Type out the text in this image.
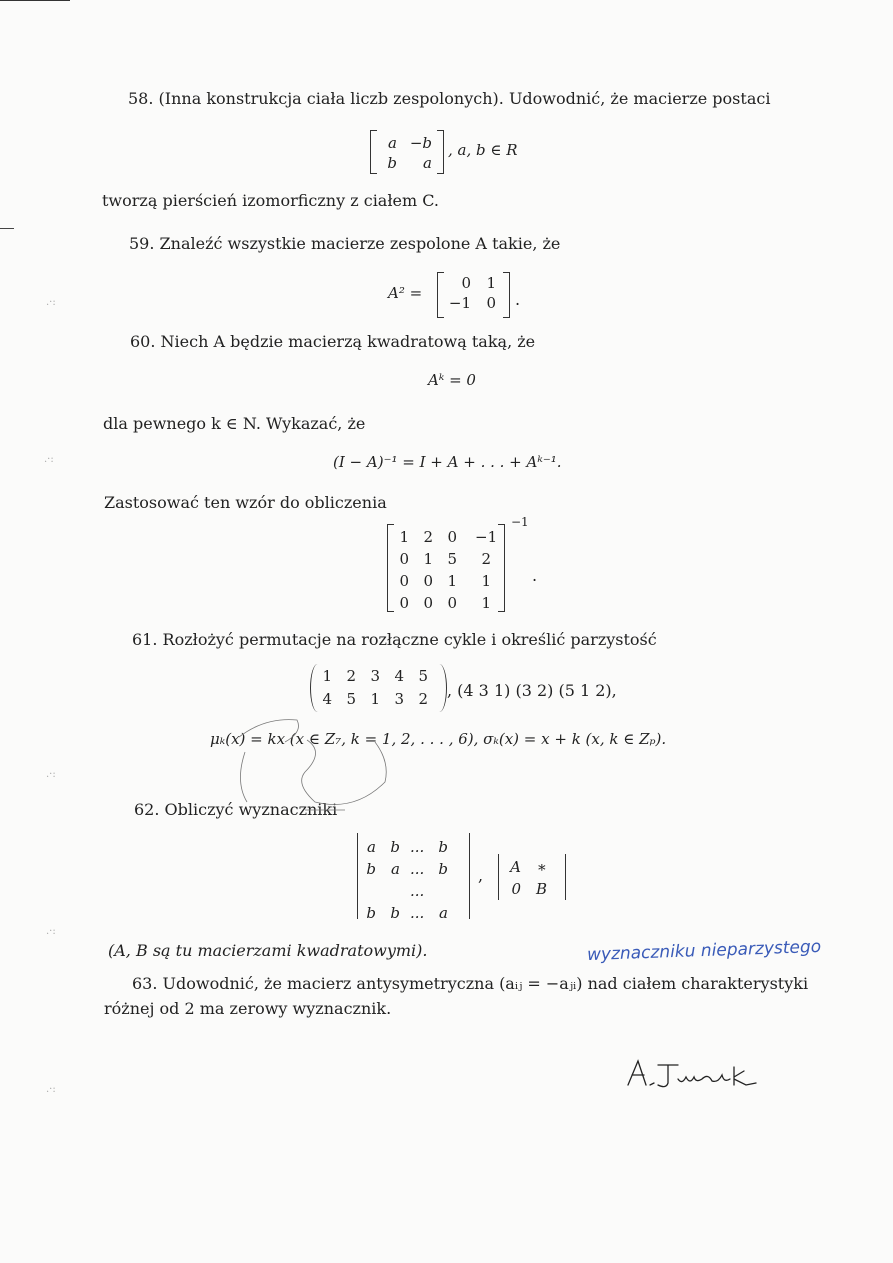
58. (Inna konstrukcja ciała liczb zespolonych). Udowodnić, że macierze postaci
a −b
b	a
, a, b ∈ R
tworzą pierścień izomorficzny z ciałem C.
59. Znaleźć wszystkie macierze zespolone A takie, że
A² =
0	1
−1	0 .
60. Niech A będzie macierzą kwadratową taką, że
Aᵏ = 0
dla pewnego k ∈ N. Wykazać, że
(I − A)⁻¹ = I + A + . . . + Aᵏ⁻¹.
Zastosować ten wzór do obliczenia
1 2 0 −1
0 1 5	2
0 0 1	1
0 0 0	1
−1
.
61. Rozłożyć permutacje na rozłączne cykle i określić parzystość
1 2 3 4 5
4 5 1 3 2 , (4 3 1) (3 2) (5 1 2),
μₖ(x) = kx (x ∈ Z₇, k = 1, 2, . . . , 6), σₖ(x) = x + k (x, k ∈ Zₚ).
62. Obliczyć wyznaczniki
a b ... b
b	a ... b
...
b b ... a
,	A	∗
0 B
(A, B są tu macierzami kwadratowymi).
63. Udowodnić, że macierz antysymetryczna (aᵢⱼ = −aⱼᵢ) nad ciałem charakterystyki
różnej od 2 ma zerowy wyznacznik.
wyznaczniku nieparzystego
.·:
.·:
.·:
.·:
.·:
